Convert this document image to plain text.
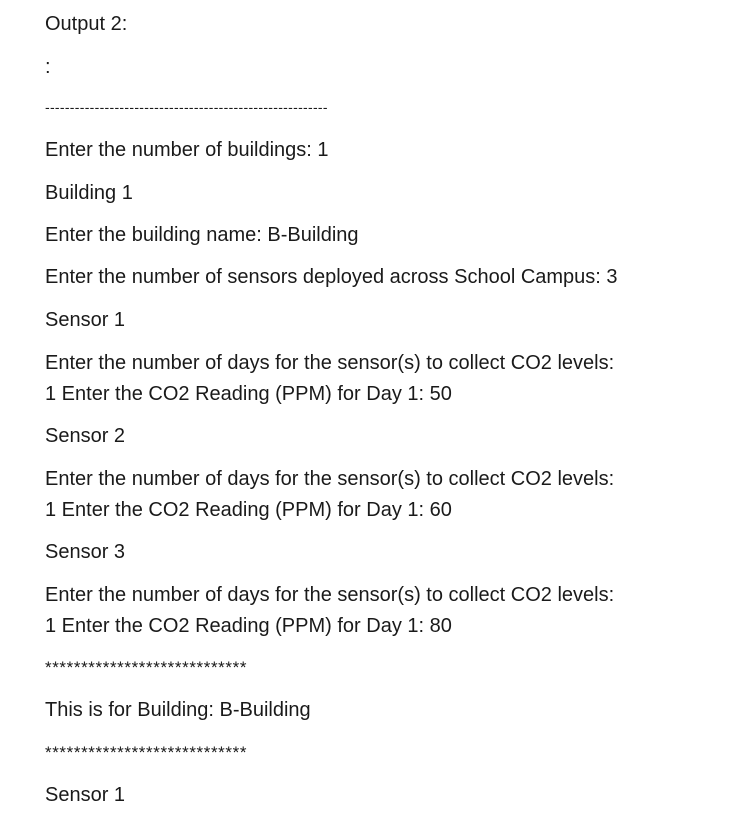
Output 2:
:
---------------------------------------------------------
Enter the number of buildings: 1
Building 1
Enter the building name: B-Building
Enter the number of sensors deployed across School Campus: 3
Sensor 1
Enter the number of days for the sensor(s) to collect CO2 levels:
1 Enter the CO2 Reading (PPM) for Day 1: 50
Sensor 2
Enter the number of days for the sensor(s) to collect CO2 levels:
1 Enter the CO2 Reading (PPM) for Day 1: 60
Sensor 3
Enter the number of days for the sensor(s) to collect CO2 levels:
1 Enter the CO2 Reading (PPM) for Day 1: 80
****************************
This is for Building: B-Building
****************************
Sensor 1
